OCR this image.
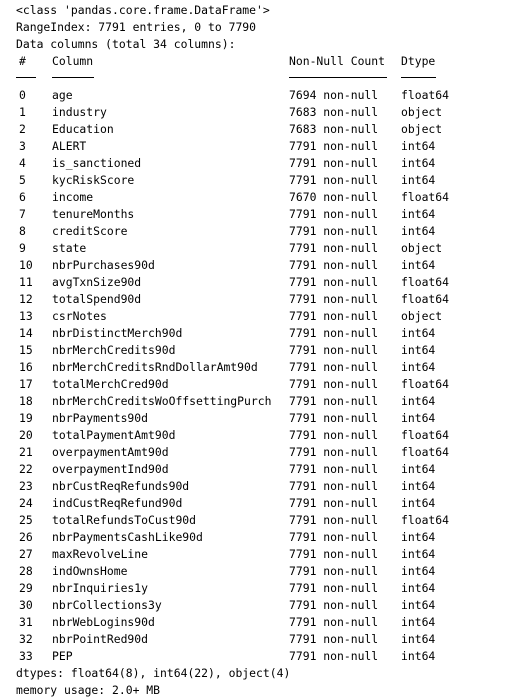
<class 'pandas.core.frame.DataFrame'>
RangeIndex: 7791 entries, 0 to 7790
Data columns (total 34 columns):
# Column	Non-Null Count Dtype
0 age	7694 non-null float64
1 industry	7683 non-null object
2 Education	7683 non-null object
3 ALERT	7791 non-null int64
4 is_sanctioned	7791 non-null int64
5 kycRiskScore	7791 non-null int64
6 income	7670 non-null float64
7 tenureMonths	7791 non-null int64
8 creditScore	7791 non-null int64
9 state	7791 non-null object
10 nbrPurchases90d	7791 non-null int64
11 avgTxnSize90d	7791 non-null float64
12 totalSpend90d	7791 non-null float64
13 csrNotes	7791 non-null object
14 nbrDistinctMerch90d	7791 non-null int64
15 nbrMerchCredits90d	7791 non-null int64
16 nbrMerchCreditsRndDollarAmt90d	7791 non-null int64
17 totalMerchCred90d	7791 non-null float64
18 nbrMerchCreditsWoOffsettingPurch 7791 non-null int64
19 nbrPayments90d	7791 non-null int64
20 totalPaymentAmt90d	7791 non-null float64
21 overpaymentAmt90d	7791 non-null float64
22 overpaymentInd90d	7791 non-null int64
23 nbrCustReqRefunds90d	7791 non-null int64
24 indCustReqRefund90d	7791 non-null int64
25 totalRefundsToCust90d	7791 non-null float64
26 nbrPaymentsCashLike90d	7791 non-null int64
27 maxRevolveLine	7791 non-null int64
28 indOwnsHome	7791 non-null int64
29 nbrInquiries1y	7791 non-null int64
30 nbrCollections3y	7791 non-null int64
31 nbrWebLogins90d	7791 non-null int64
32 nbrPointRed90d	7791 non-null int64
33 PEP	7791 non-null int64
dtypes: float64(8), int64(22), object(4)
memory usage: 2.0+ MB
